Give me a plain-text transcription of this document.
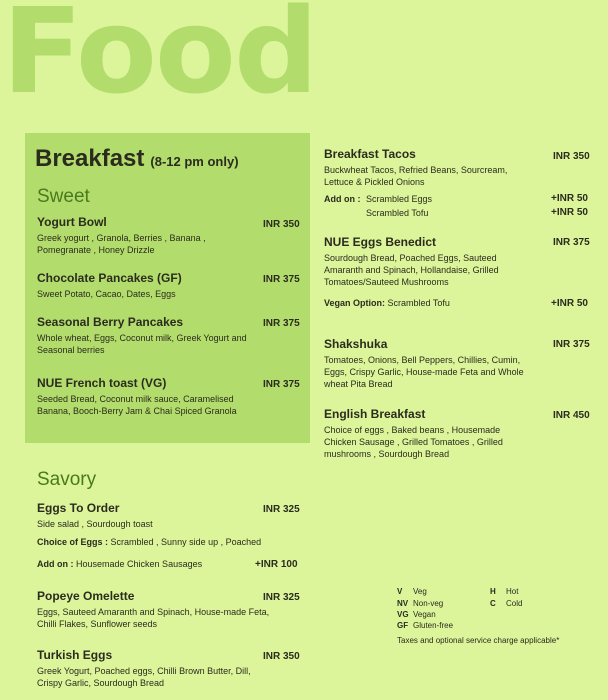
Food
Breakfast (8-12 pm only)
Sweet
Yogurt Bowl
Greek yogurt , Granola, Berries , Banana , Pomegranate , Honey Drizzle
INR 350
Chocolate Pancakes (GF)
Sweet Potato, Cacao, Dates, Eggs
INR 375
Seasonal Berry Pancakes
Whole wheat, Eggs, Coconut milk, Greek Yogurt and Seasonal berries
INR 375
NUE French toast (VG)
Seeded Bread, Coconut milk sauce, Caramelised Banana, Booch-Berry Jam & Chai Spiced Granola
INR 375
Savory
Eggs To Order
Side salad , Sourdough toast
INR 325
Choice of Eggs : Scrambled , Sunny side up , Poached
Add on : Housemade Chicken Sausages	+INR 100
Popeye Omelette
Eggs, Sauteed Amaranth and Spinach, House-made Feta, Chilli Flakes, Sunflower seeds
INR 325
Turkish Eggs
Greek Yogurt, Poached eggs, Chilli Brown Butter, Dill, Crispy Garlic, Sourdough Bread
INR 350
Breakfast Tacos
Buckwheat Tacos, Refried Beans, Sourcream, Lettuce & Pickled Onions
INR 350
Add on : Scrambled Eggs	+INR 50
Scrambled Tofu	+INR 50
NUE Eggs Benedict
Sourdough Bread, Poached Eggs, Sauteed Amaranth and Spinach, Hollandaise, Grilled Tomatoes/Sauteed Mushrooms
INR 375
Vegan Option: Scrambled Tofu	+INR 50
Shakshuka
Tomatoes, Onions, Bell Peppers, Chillies, Cumin, Eggs, Crispy Garlic, House-made Feta and Whole wheat Pita Bread
INR 375
English Breakfast
Choice of eggs , Baked beans , Housemade Chicken Sausage , Grilled Tomatoes , Grilled mushrooms , Sourdough Bread
INR 450
V Veg
NV Non-veg
VG Vegan
GF Gluten-free
H Hot
C Cold
Taxes and optional service charge applicable*
